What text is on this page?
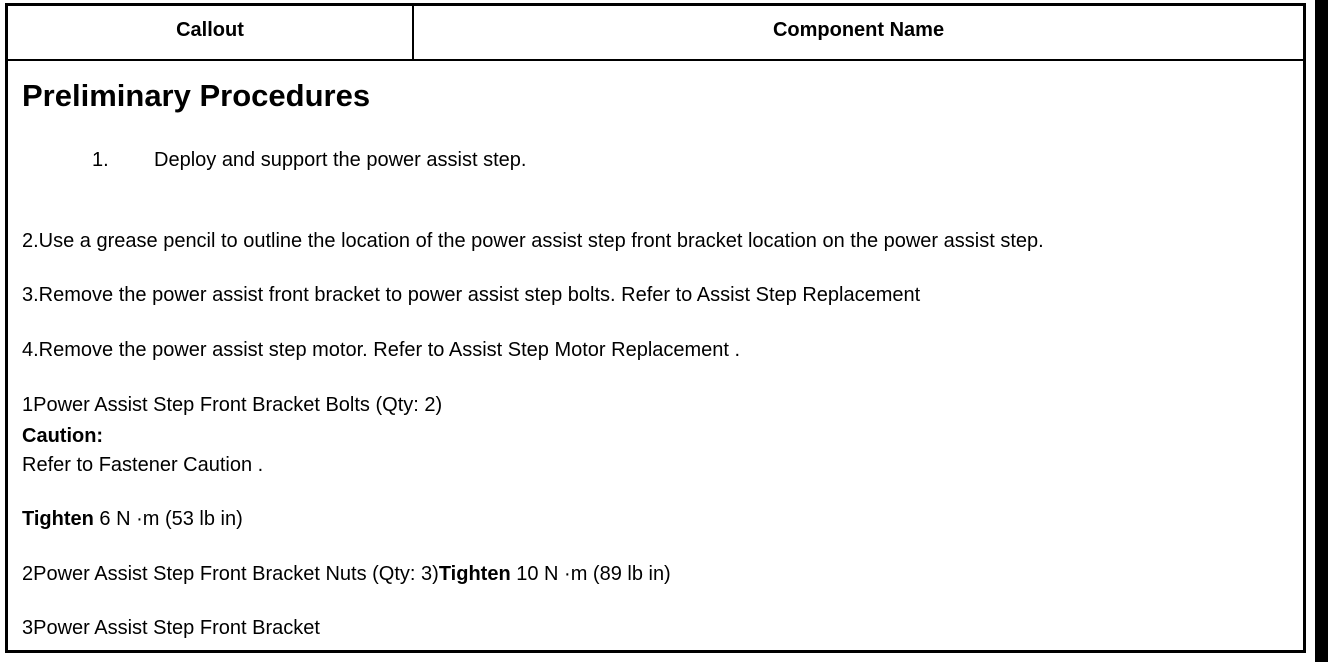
Callout	Component Name
Preliminary Procedures
1. Deploy and support the power assist step.
2.Use a grease pencil to outline the location of the power assist step front bracket location on the power assist step.
3.Remove the power assist front bracket to power assist step bolts. Refer to Assist Step Replacement
4.Remove the power assist step motor. Refer to Assist Step Motor Replacement .
1Power Assist Step Front Bracket Bolts (Qty: 2)
Caution:
Refer to Fastener Caution .
Tighten 6 N ·m (53 lb in)
2Power Assist Step Front Bracket Nuts (Qty: 3)Tighten 10 N ·m (89 lb in)
3Power Assist Step Front Bracket
